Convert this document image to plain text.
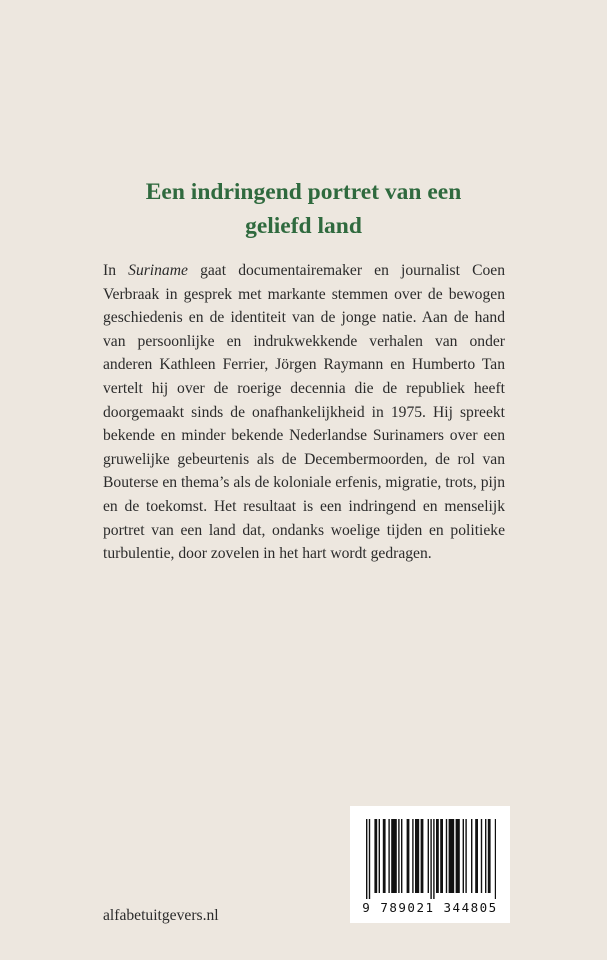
Een indringend portret van een
geliefd land

In Suriname gaat documentairemaker en journalist Coen Verbraak in gesprek met markante stemmen over de bewogen geschiedenis en de identiteit van de jonge natie. Aan de hand van persoonlijke en indrukwekkende verhalen van onder anderen Kathleen Ferrier, Jörgen Raymann en Humberto Tan vertelt hij over de roerige decennia die de republiek heeft doorgemaakt sinds de onafhankelijkheid in 1975. Hij spreekt bekende en minder bekende Nederlandse Surinamers over een gruwelijke gebeurtenis als de Decembermoorden, de rol van Bouterse en thema’s als de koloniale erfenis, migratie, trots, pijn en de toekomst. Het resultaat is een indringend en menselijk portret van een land dat, ondanks woelige tijden en politieke turbulentie, door zovelen in het hart wordt gedragen.

alfabetuitgevers.nl	9 789021 344805
